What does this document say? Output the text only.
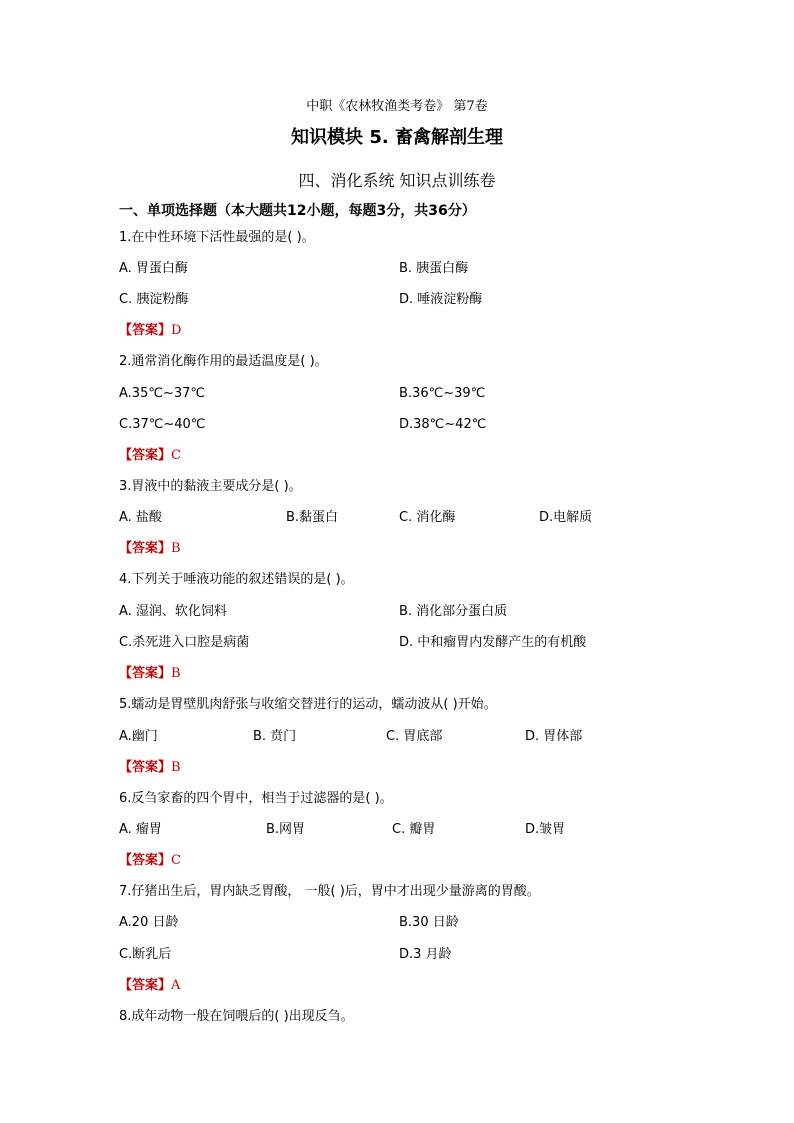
中职《农林牧渔类考卷》 第7卷
知识模块 5. 畜禽解剖生理
四、消化系统 知识点训练卷
一、单项选择题（本大题共12小题，每题3分，共36分）
1.在中性环境下活性最强的是( )。
A. 胃蛋白酶	B. 胰蛋白酶
C. 胰淀粉酶	D. 唾液淀粉酶
【答案】D
2.通常消化酶作用的最适温度是( )。
A.35℃~37℃	B.36℃~39℃
C.37℃~40℃	D.38℃~42℃
【答案】C
3.胃液中的黏液主要成分是( )。
A. 盐酸	B.黏蛋白	C. 消化酶	D.电解质
【答案】B
4.下列关于唾液功能的叙述错误的是( )。
A. 湿润、软化饲料	B. 消化部分蛋白质
C.杀死进入口腔是病菌	D. 中和瘤胃内发酵产生的有机酸
【答案】B
5.蠕动是胃壁肌肉舒张与收缩交替进行的运动，蠕动波从( )开始。
A.幽门	B. 贲门	C. 胃底部	D. 胃体部
【答案】B
6.反刍家畜的四个胃中，相当于过滤器的是( )。
A. 瘤胃	B.网胃	C. 瓣胃	D.皱胃
【答案】C
7.仔猪出生后，胃内缺乏胃酸， 一般( )后，胃中才出现少量游离的胃酸。
A.20 日龄	B.30 日龄
C.断乳后	D.3 月龄
【答案】A
8.成年动物一般在饲喂后的( )出现反刍。
